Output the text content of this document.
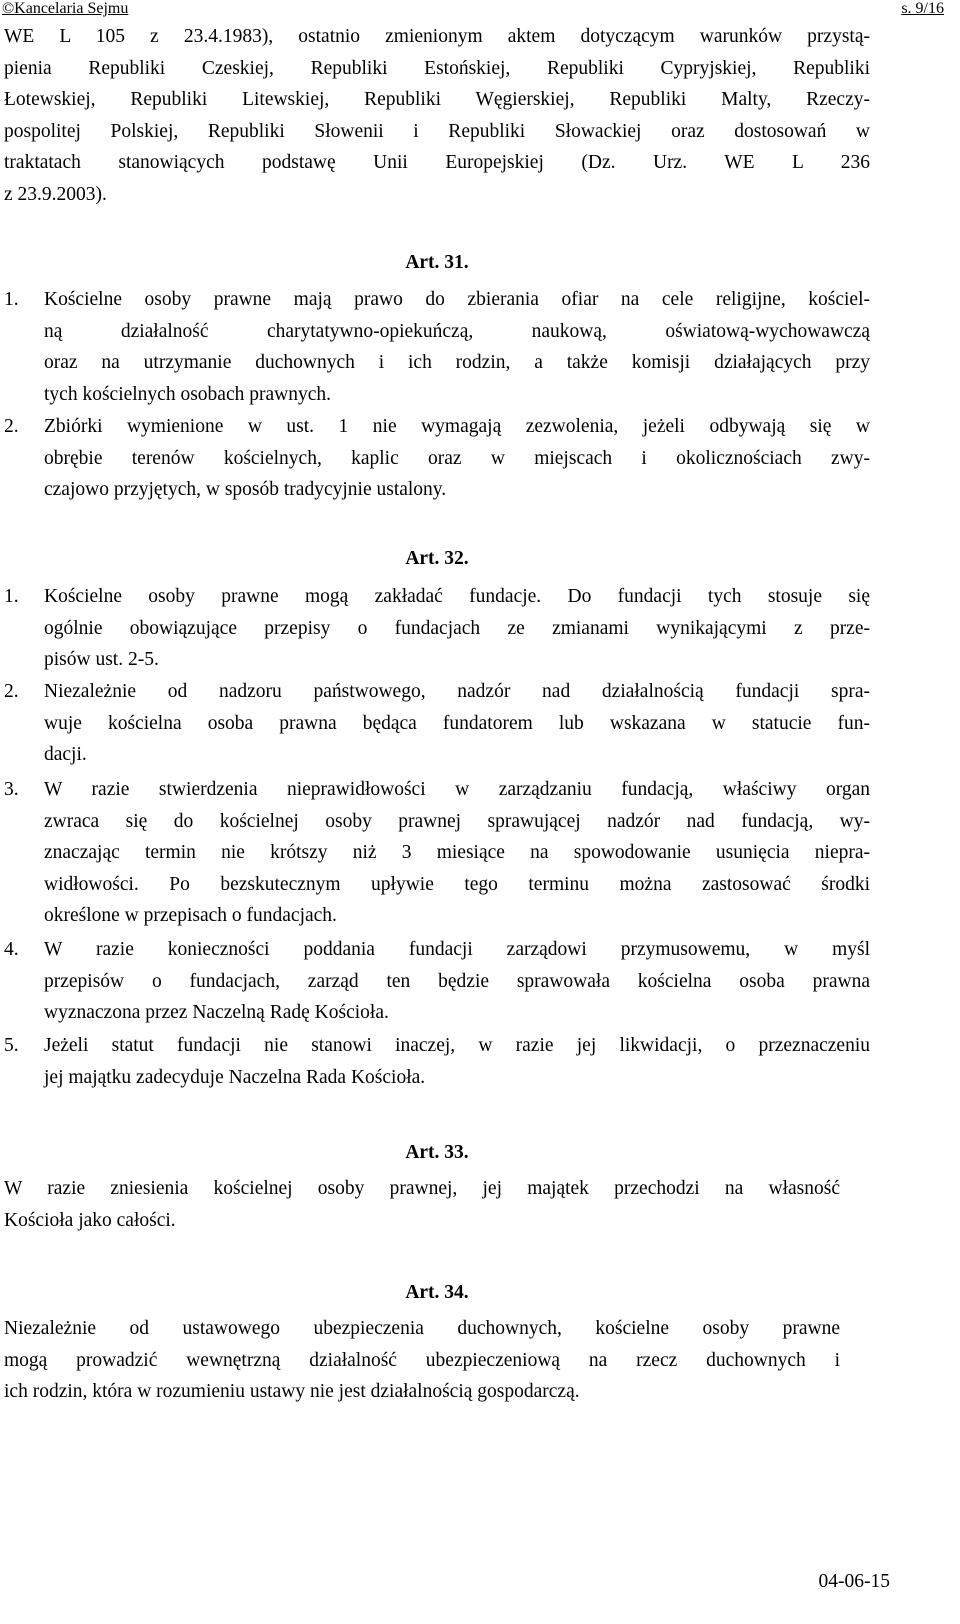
©Kancelaria Sejmu	s. 9/16
WE L 105 z 23.4.1983), ostatnio zmienionym aktem dotyczącym warunków przystą-
pienia Republiki Czeskiej, Republiki Estońskiej, Republiki Cypryjskiej, Republiki
Łotewskiej, Republiki Litewskiej, Republiki Węgierskiej, Republiki Malty, Rzeczy-
pospolitej Polskiej, Republiki Słowenii i Republiki Słowackiej oraz dostosowań w
traktatach stanowiących podstawę Unii Europejskiej (Dz. Urz. WE L 236
z 23.9.2003).
Art. 31.
1. Kościelne osoby prawne mają prawo do zbierania ofiar na cele religijne, kościel-
ną działalność charytatywno-opiekuńczą, naukową, oświatową-wychowawczą
oraz na utrzymanie duchownych i ich rodzin, a także komisji działających przy
tych kościelnych osobach prawnych.
2. Zbiórki wymienione w ust. 1 nie wymagają zezwolenia, jeżeli odbywają się w
obrębie terenów kościelnych, kaplic oraz w miejscach i okolicznościach zwy-
czajowo przyjętych, w sposób tradycyjnie ustalony.
Art. 32.
1. Kościelne osoby prawne mogą zakładać fundacje. Do fundacji tych stosuje się
ogólnie obowiązujące przepisy o fundacjach ze zmianami wynikającymi z prze-
pisów ust. 2-5.
2. Niezależnie od nadzoru państwowego, nadzór nad działalnością fundacji spra-
wuje kościelna osoba prawna będąca fundatorem lub wskazana w statucie fun-
dacji.
3. W razie stwierdzenia nieprawidłowości w zarządzaniu fundacją, właściwy organ
zwraca się do kościelnej osoby prawnej sprawującej nadzór nad fundacją, wy-
znaczając termin nie krótszy niż 3 miesiące na spowodowanie usunięcia niepra-
widłowości. Po bezskutecznym upływie tego terminu można zastosować środki
określone w przepisach o fundacjach.
4. W razie konieczności poddania fundacji zarządowi przymusowemu, w myśl
przepisów o fundacjach, zarząd ten będzie sprawowała kościelna osoba prawna
wyznaczona przez Naczelną Radę Kościoła.
5. Jeżeli statut fundacji nie stanowi inaczej, w razie jej likwidacji, o przeznaczeniu
jej majątku zadecyduje Naczelna Rada Kościoła.
Art. 33.
W razie zniesienia kościelnej osoby prawnej, jej majątek przechodzi na własność
Kościoła jako całości.
Art. 34.
Niezależnie od ustawowego ubezpieczenia duchownych, kościelne osoby prawne
mogą prowadzić wewnętrzną działalność ubezpieczeniową na rzecz duchownych i
ich rodzin, która w rozumieniu ustawy nie jest działalnością gospodarczą.
04-06-15
